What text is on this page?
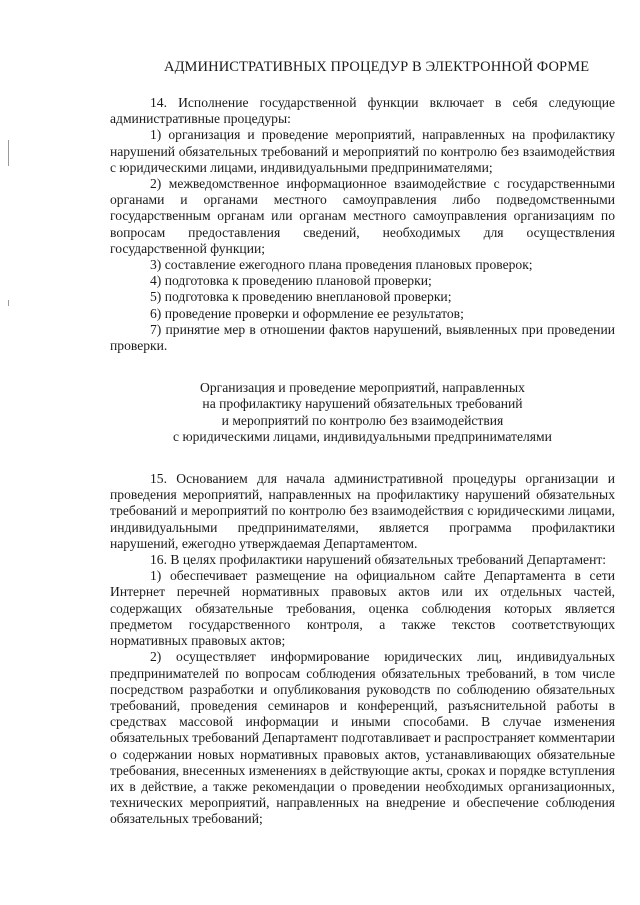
АДМИНИСТРАТИВНЫХ ПРОЦЕДУР В ЭЛЕКТРОННОЙ ФОРМЕ

14. Исполнение государственной функции включает в себя следующие административные процедуры:

1) организация и проведение мероприятий, направленных на профилактику нарушений обязательных требований и мероприятий по контролю без взаимодействия с юридическими лицами, индивидуальными предпринимателями;

2) межведомственное информационное взаимодействие с государственными органами и органами местного самоуправления либо подведомственными государственным органам или органам местного самоуправления организациям по вопросам предоставления сведений, необходимых для осуществления государственной функции;

3) составление ежегодного плана проведения плановых проверок;

4) подготовка к проведению плановой проверки;

5) подготовка к проведению внеплановой проверки;

6) проведение проверки и оформление ее результатов;

7) принятие мер в отношении фактов нарушений, выявленных при проведении проверки.

Организация и проведение мероприятий, направленных
на профилактику нарушений обязательных требований
и мероприятий по контролю без взаимодействия
с юридическими лицами, индивидуальными предпринимателями

15. Основанием для начала административной процедуры организации и проведения мероприятий, направленных на профилактику нарушений обязательных требований и мероприятий по контролю без взаимодействия с юридическими лицами, индивидуальными предпринимателями, является программа профилактики нарушений, ежегодно утверждаемая Департаментом.

16. В целях профилактики нарушений обязательных требований Департамент:

1) обеспечивает размещение на официальном сайте Департамента в сети Интернет перечней нормативных правовых актов или их отдельных частей, содержащих обязательные требования, оценка соблюдения которых является предметом государственного контроля, а также текстов соответствующих нормативных правовых актов;

2) осуществляет информирование юридических лиц, индивидуальных предпринимателей по вопросам соблюдения обязательных требований, в том числе посредством разработки и опубликования руководств по соблюдению обязательных требований, проведения семинаров и конференций, разъяснительной работы в средствах массовой информации и иными способами. В случае изменения обязательных требований Департамент подготавливает и распространяет комментарии о содержании новых нормативных правовых актов, устанавливающих обязательные требования, внесенных изменениях в действующие акты, сроках и порядке вступления их в действие, а также рекомендации о проведении необходимых организационных, технических мероприятий, направленных на внедрение и обеспечение соблюдения обязательных требований;
